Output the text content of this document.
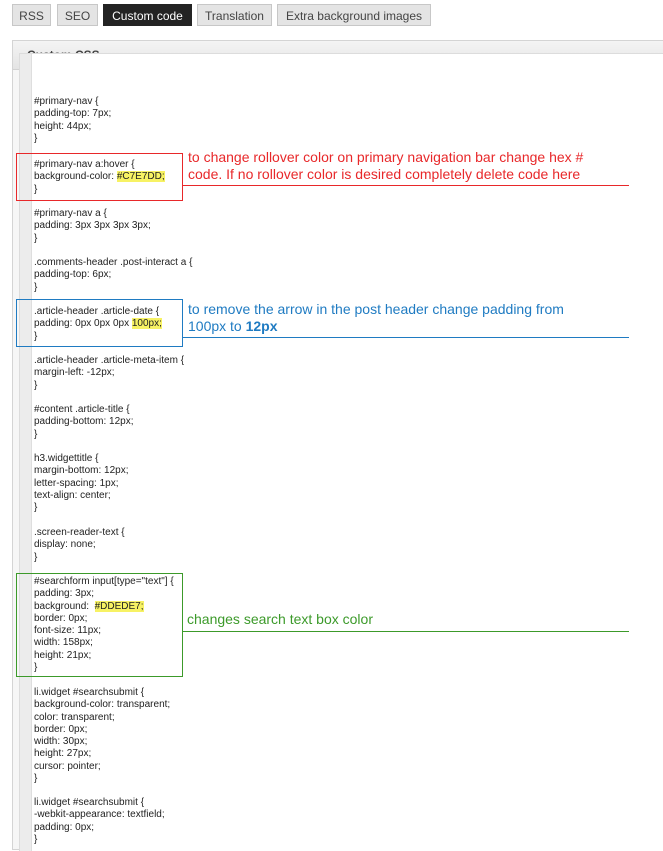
RSS	SEO	Custom code	Translation	Extra background images
#primary-nav {
padding-top: 7px;
height: 44px;
}
#primary-nav a:hover {
background-color: #C7E7DD;
}
#primary-nav a {
padding: 3px 3px 3px 3px;
}
.comments-header .post-interact a {
padding-top: 6px;
}
.article-header .article-date {
padding: 0px 0px 0px 100px;
}
.article-header .article-meta-item {
margin-left: -12px;
}
#content .article-title {
padding-bottom: 12px;
}
h3.widgettitle {
margin-bottom: 12px;
letter-spacing: 1px;
text-align: center;
}
.screen-reader-text {
display: none;
}
#searchform input[type="text"] {
padding: 3px;
background:  #DDEDE7;
border: 0px;
font-size: 11px;
width: 158px;
height: 21px;
}
li.widget #searchsubmit {
background-color: transparent;
color: transparent;
border: 0px;
width: 30px;
height: 27px;
cursor: pointer;
}
li.widget #searchsubmit {
-webkit-appearance: textfield;
padding: 0px;
}
to change rollover color on primary navigation bar change hex #
code. If no rollover color is desired completely delete code here
to remove the arrow in the post header change padding from
100px to 12px
changes search text box color
